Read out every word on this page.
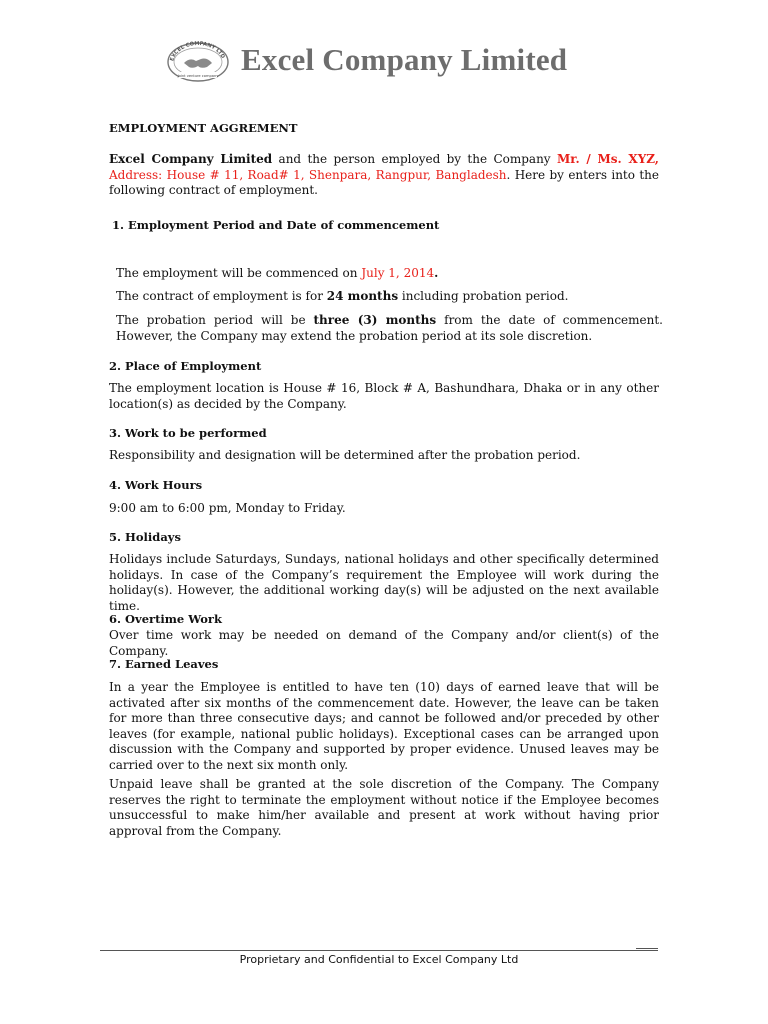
EXCEL COMPANY LTD
Joint venture company Excel Company Limited

EMPLOYMENT AGGREMENT

Excel Company Limited and the person employed by the Company Mr. / Ms. XYZ, Address: House # 11, Road# 1, Shenpara, Rangpur, Bangladesh. Here by enters into the following contract of employment.

1. Employment Period and Date of commencement

The employment will be commenced on July 1, 2014.

The contract of employment is for 24 months including probation period.

The probation period will be three (3) months from the date of commencement. However, the Company may extend the probation period at its sole discretion.

2. Place of Employment

The employment location is House # 16, Block # A, Bashundhara, Dhaka or in any other location(s) as decided by the Company.

3. Work to be performed

Responsibility and designation will be determined after the probation period.

4. Work Hours

9:00 am to 6:00 pm, Monday to Friday.

5. Holidays

Holidays include Saturdays, Sundays, national holidays and other specifically determined holidays. In case of the Company’s requirement the Employee will work during the holiday(s). However, the additional working day(s) will be adjusted on the next available time.

6. Overtime Work

Over time work may be needed on demand of the Company and/or client(s) of the Company.

7. Earned Leaves

In a year the Employee is entitled to have ten (10) days of earned leave that will be activated after six months of the commencement date. However, the leave can be taken for more than three consecutive days; and cannot be followed and/or preceded by other leaves (for example, national public holidays). Exceptional cases can be arranged upon discussion with the Company and supported by proper evidence. Unused leaves may be carried over to the next six month only.

Unpaid leave shall be granted at the sole discretion of the Company. The Company reserves the right to terminate the employment without notice if the Employee becomes unsuccessful to make him/her available and present at work without having prior approval from the Company.

Proprietary and Confidential to Excel Company Ltd
